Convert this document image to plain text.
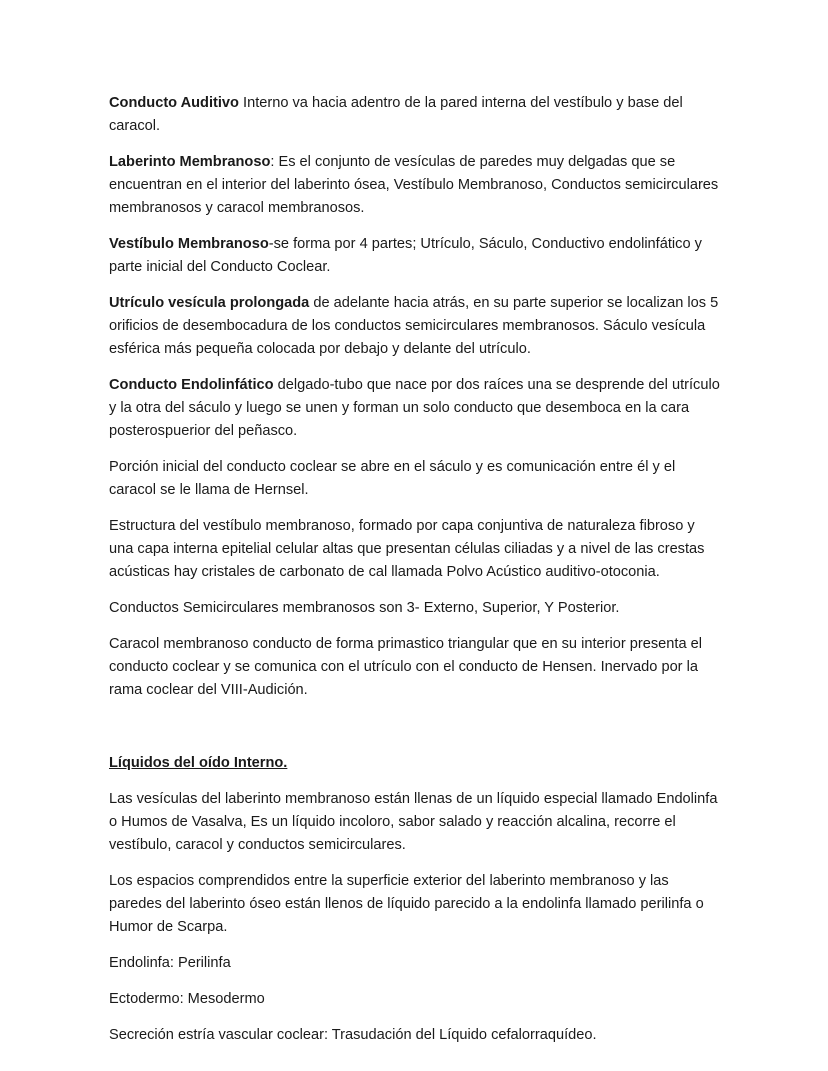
Conducto Auditivo Interno va hacia adentro de la pared interna del vestíbulo y base del caracol.

Laberinto Membranoso: Es el conjunto de vesículas de paredes muy delgadas que se encuentran en el interior del laberinto ósea, Vestíbulo Membranoso, Conductos semicirculares membranosos y caracol membranosos.

Vestíbulo Membranoso-se forma por 4 partes; Utrículo, Sáculo, Conductivo endolinfático y parte inicial del Conducto Coclear.

Utrículo vesícula prolongada de adelante hacia atrás, en su parte superior se localizan los 5 orificios de desembocadura de los conductos semicirculares membranosos. Sáculo vesícula esférica más pequeña colocada por debajo y delante del utrículo.

Conducto Endolinfático delgado-tubo que nace por dos raíces una se desprende del utrículo y la otra del sáculo y luego se unen y forman un solo conducto que desemboca en la cara posterospuerior del peñasco.

Porción inicial del conducto coclear se abre en el sáculo y es comunicación entre él y el caracol se le llama de Hernsel.

Estructura del vestíbulo membranoso, formado por capa conjuntiva de naturaleza fibroso y una capa interna epitelial celular altas que presentan células ciliadas y a nivel de las crestas acústicas hay cristales de carbonato de cal llamada Polvo Acústico auditivo-otoconia.

Conductos Semicirculares membranosos son 3- Externo, Superior, Y Posterior.

Caracol membranoso conducto de forma primastico triangular que en su interior presenta el conducto coclear y se comunica con el utrículo con el conducto de Hensen. Inervado por la rama coclear del VIII-Audición.

Líquidos del oído Interno.

Las vesículas del laberinto membranoso están llenas de un líquido especial llamado Endolinfa o Humos de Vasalva, Es un líquido incoloro, sabor salado y reacción alcalina, recorre el vestíbulo, caracol y conductos semicirculares.

Los espacios comprendidos entre la superficie exterior del laberinto membranoso y las paredes del laberinto óseo están llenos de líquido parecido a la endolinfa llamado perilinfa o Humor de Scarpa.

Endolinfa: Perilinfa

Ectodermo: Mesodermo

Secreción estría vascular coclear: Trasudación del Líquido cefalorraquídeo.
